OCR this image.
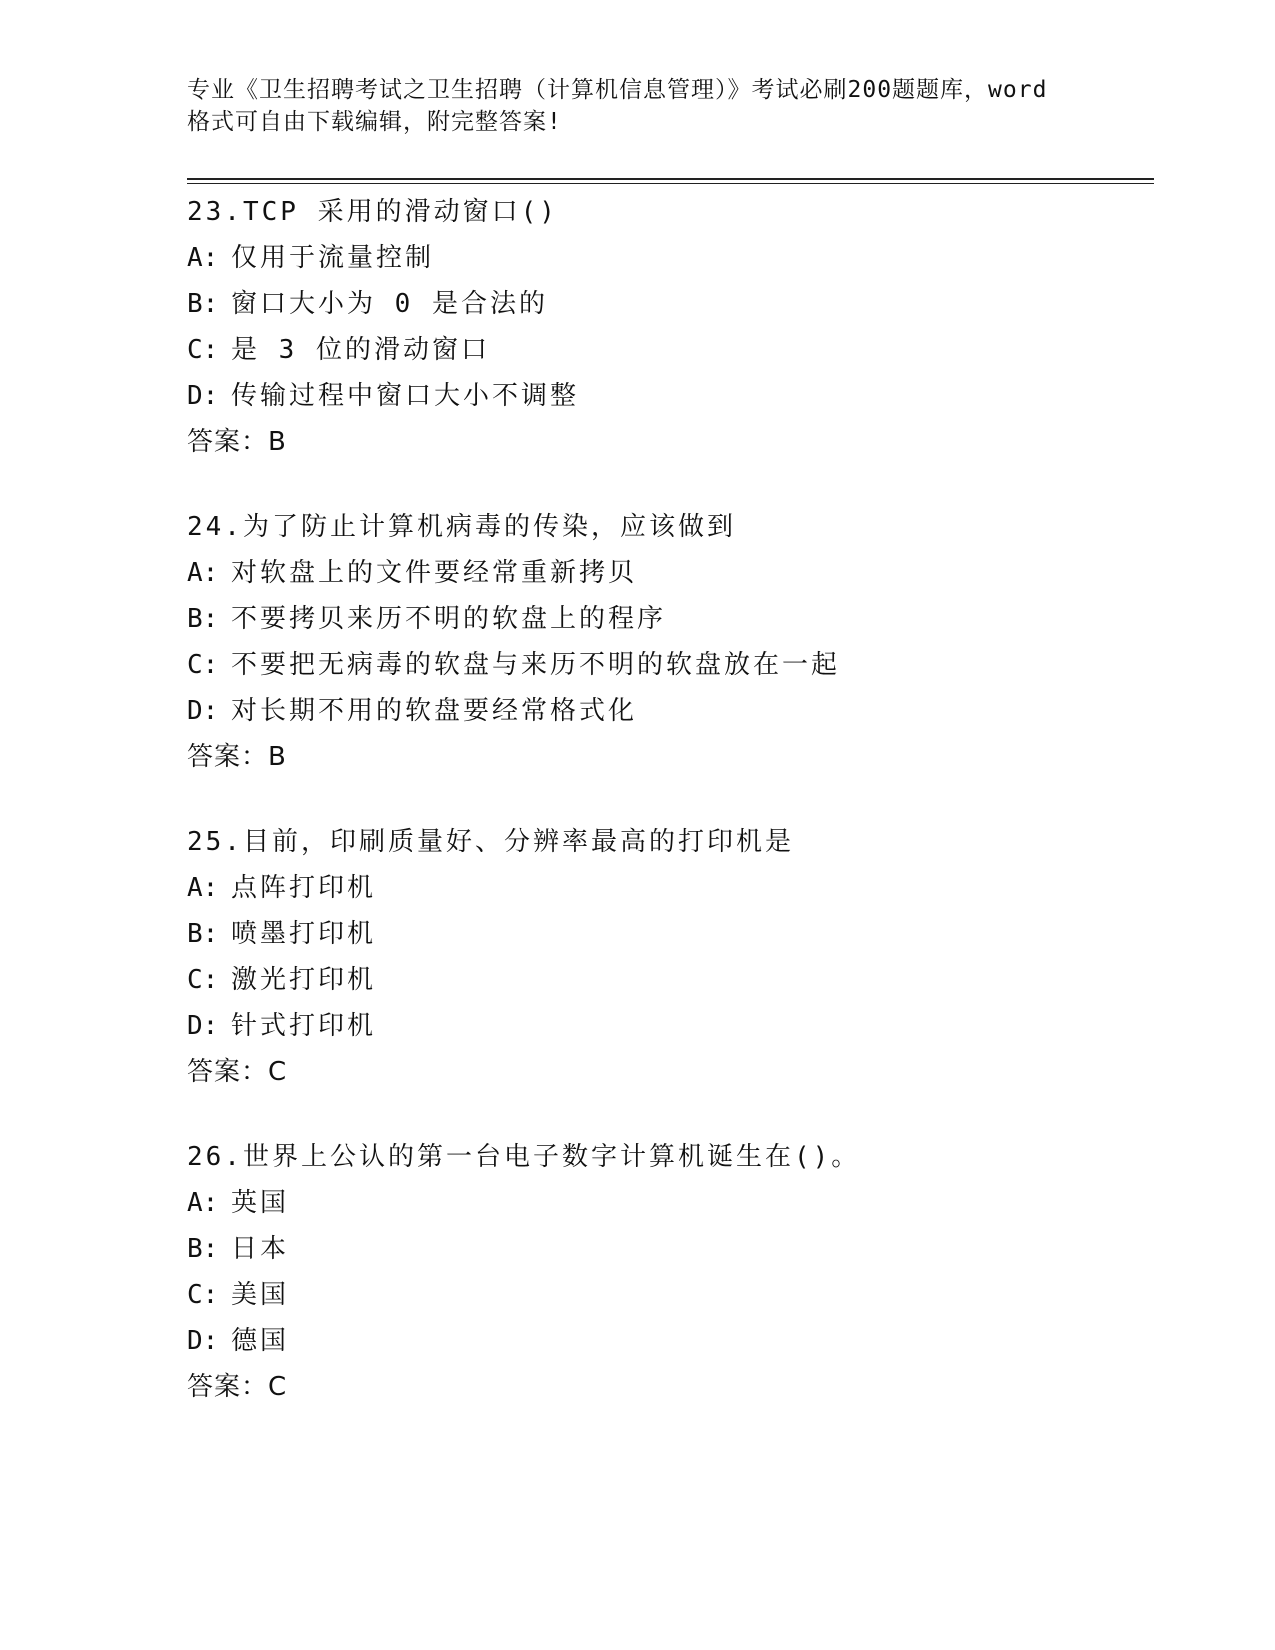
专业《卫生招聘考试之卫生招聘（计算机信息管理）》考试必刷200题题库，word
格式可自由下载编辑，附完整答案!
23.TCP 采用的滑动窗口()
A: 仅用于流量控制
B: 窗口大小为 0 是合法的
C: 是 3 位的滑动窗口
D: 传输过程中窗口大小不调整
答案：B
24.为了防止计算机病毒的传染，应该做到
A: 对软盘上的文件要经常重新拷贝
B: 不要拷贝来历不明的软盘上的程序
C: 不要把无病毒的软盘与来历不明的软盘放在一起
D: 对长期不用的软盘要经常格式化
答案：B
25.目前，印刷质量好、分辨率最高的打印机是
A: 点阵打印机
B: 喷墨打印机
C: 激光打印机
D: 针式打印机
答案：C
26.世界上公认的第一台电子数字计算机诞生在()。
A: 英国
B: 日本
C: 美国
D: 德国
答案：C
